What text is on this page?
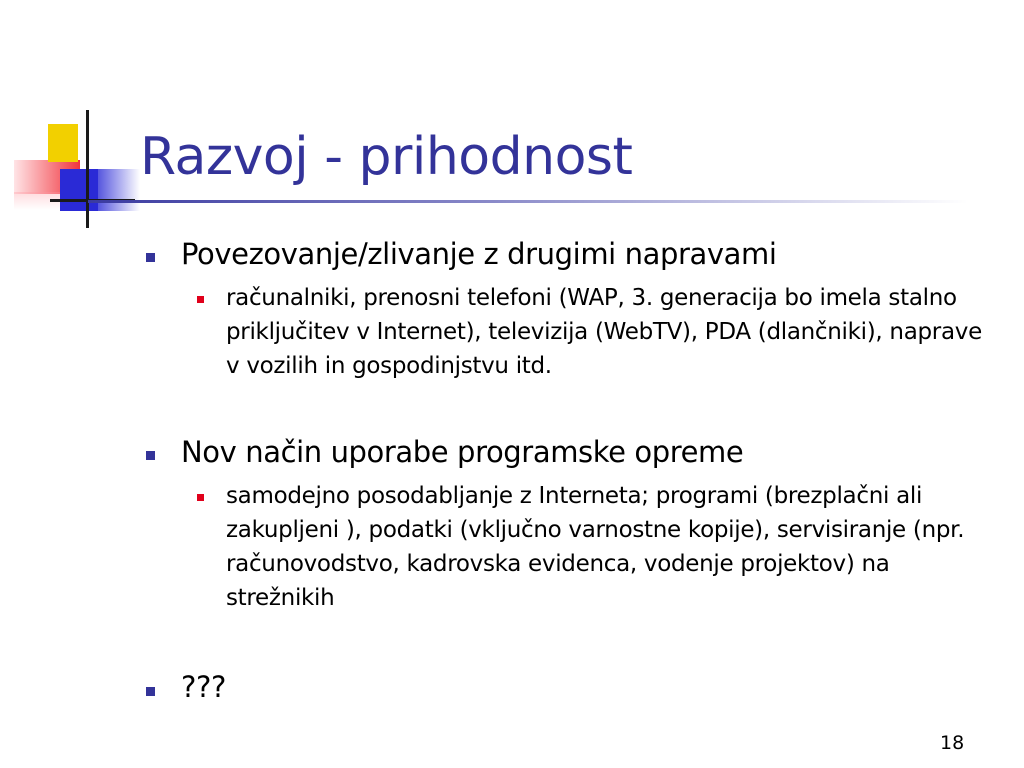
Razvoj - prihodnost
Povezovanje/zlivanje z drugimi napravami
računalniki, prenosni telefoni (WAP, 3. generacija bo imela stalno priključitev v Internet), televizija (WebTV), PDA (dlančniki), naprave v vozilih in gospodinjstvu itd.
Nov način uporabe programske opreme
samodejno posodabljanje z Interneta; programi (brezplačni ali zakupljeni ), podatki (vključno varnostne kopije), servisiranje (npr. računovodstvo, kadrovska evidenca, vodenje projektov) na strežnikih
???
18
